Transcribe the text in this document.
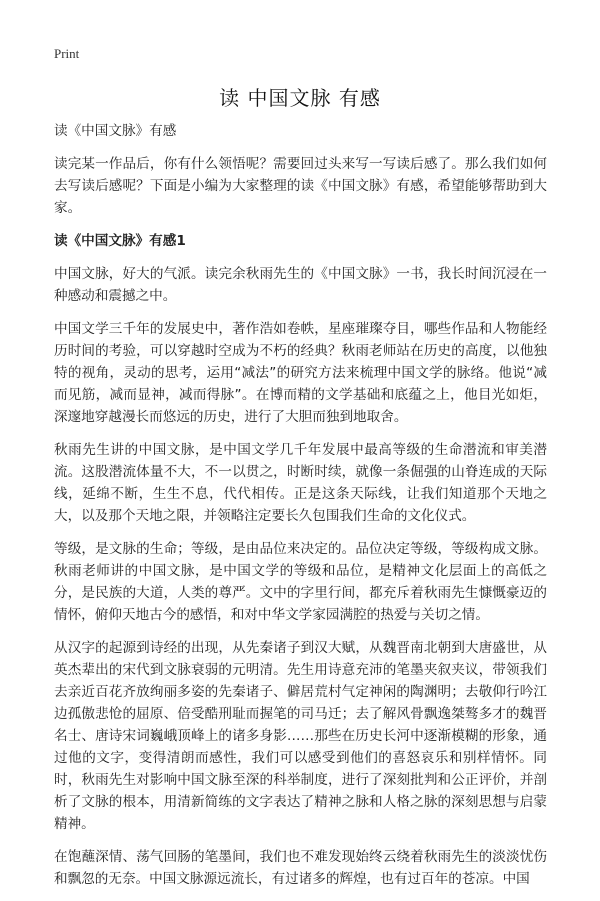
Print
读 中国文脉 有感

读《中国文脉》有感

读完某一作品后，你有什么领悟呢？需要回过头来写一写读后感了。那么我们如何去写读后感呢？下面是小编为大家整理的读《中国文脉》有感，希望能够帮助到大家。

读《中国文脉》有感1

中国文脉，好大的气派。读完余秋雨先生的《中国文脉》一书，我长时间沉浸在一种感动和震撼之中。

中国文学三千年的发展史中，著作浩如卷帙，星座璀璨夺目，哪些作品和人物能经历时间的考验，可以穿越时空成为不朽的经典？秋雨老师站在历史的高度，以他独特的视角，灵动的思考，运用“减法”的研究方法来梳理中国文学的脉络。他说“减而见筋，减而显神，减而得脉”。在博而精的文学基础和底蕴之上，他目光如炬，深邃地穿越漫长而悠远的历史，进行了大胆而独到地取舍。

秋雨先生讲的中国文脉，是中国文学几千年发展中最高等级的生命潜流和审美潜流。这股潜流体量不大，不一以贯之，时断时续，就像一条倔强的山脊连成的天际线，延绵不断，生生不息，代代相传。正是这条天际线，让我们知道那个天地之大，以及那个天地之限，并领略注定要长久包围我们生命的文化仪式。

等级，是文脉的生命；等级，是由品位来决定的。品位决定等级，等级构成文脉。秋雨老师讲的中国文脉，是中国文学的等级和品位，是精神文化层面上的高低之分，是民族的大道，人类的尊严。文中的字里行间，都充斥着秋雨先生慷慨豪迈的情怀，俯仰天地古今的感悟，和对中华文学家园满腔的热爱与关切之情。

从汉字的起源到诗经的出现，从先秦诸子到汉大赋，从魏晋南北朝到大唐盛世，从英杰辈出的宋代到文脉衰弱的元明清。先生用诗意充沛的笔墨夹叙夹议，带领我们去亲近百花齐放绚丽多姿的先秦诸子、僻居荒村气定神闲的陶渊明；去敬仰行吟江边孤傲悲怆的屈原、倍受酷刑耻而握笔的司马迁；去了解风骨飘逸桀骜多才的魏晋名士、唐诗宋词巍峨顶峰上的诸多身影……那些在历史长河中逐渐模糊的形象，通过他的文字，变得清朗而感性，我们可以感受到他们的喜怒哀乐和别样情怀。同时，秋雨先生对影响中国文脉至深的科举制度，进行了深刻批判和公正评价，并剖析了文脉的根本，用清新简练的文字表达了精神之脉和人格之脉的深刻思想与启蒙精神。

在饱蘸深情、荡气回肠的笔墨间，我们也不难发现始终云绕着秋雨先生的淡淡忧伤和飘忽的无奈。中国文脉源远流长，有过诸多的辉煌，也有过百年的苍凉。中国
